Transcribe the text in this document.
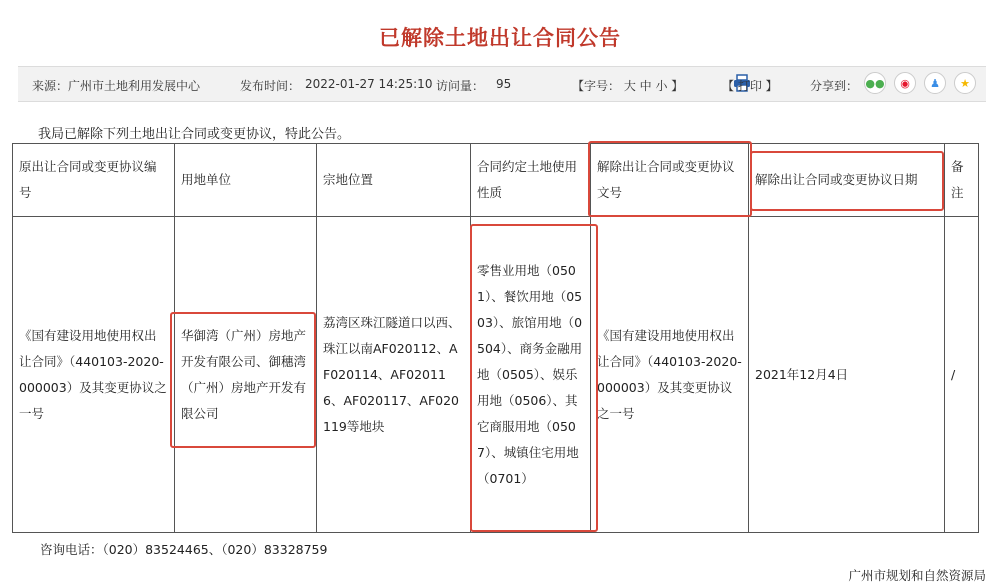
已解除土地出让合同公告
来源：广州市土地利用发展中心	发布时间： 2022-01-27 14:25:10 访问量： 95	【字号： 大 中 小 】	【 打印 】	分享到： ●●	◉	♟	★
我局已解除下列土地出让合同或变更协议，特此公告。
原出让合同或变更协议编号	用地单位	宗地位置	合同约定土地使用性质	解除出让合同或变更协议文号	解除出让合同或变更协议日期	备注
《国有建设用地使用权出让合同》（440103-2020-000003）及其变更协议之一号	华御湾（广州）房地产开发有限公司、御穗湾（广州）房地产开发有限公司	荔湾区珠江隧道口以西、珠江以南AF020112、AF020114、AF020116、AF020117、AF020119等地块	零售业用地（0501）、餐饮用地（0503）、旅馆用地（0504）、商务金融用地（0505）、娱乐用地（0506）、其它商服用地（0507）、城镇住宅用地（0701）	《国有建设用地使用权出让合同》（440103-2020-000003）及其变更协议之一号	2021年12月4日	/
咨询电话：（020）83524465、（020）83328759
广州市规划和自然资源局
